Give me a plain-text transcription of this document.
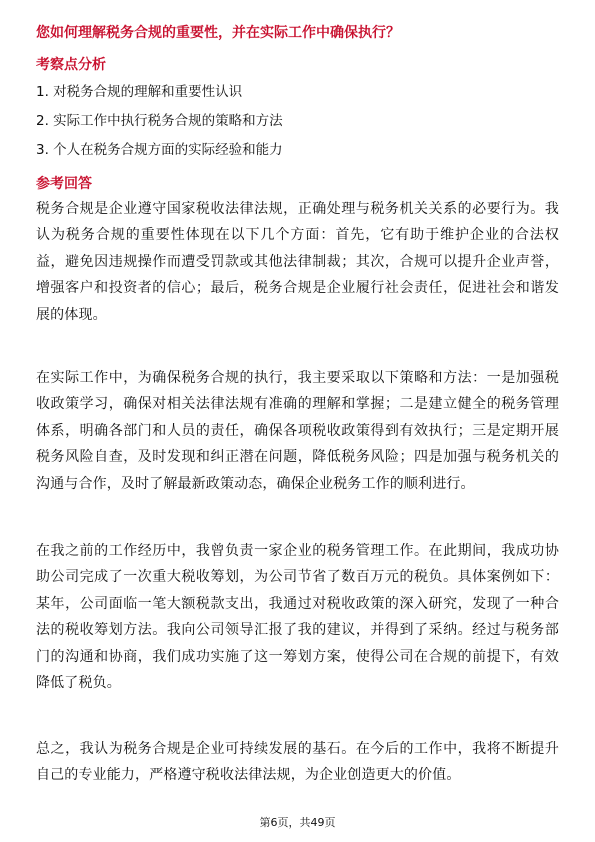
您如何理解税务合规的重要性，并在实际工作中确保执行？
考察点分析
1. 对税务合规的理解和重要性认识
2. 实际工作中执行税务合规的策略和方法
3. 个人在税务合规方面的实际经验和能力
参考回答
税务合规是企业遵守国家税收法律法规，正确处理与税务机关关系的必要行为。我认为税务合规的重要性体现在以下几个方面：首先，它有助于维护企业的合法权益，避免因违规操作而遭受罚款或其他法律制裁；其次，合规可以提升企业声誉，增强客户和投资者的信心；最后，税务合规是企业履行社会责任，促进社会和谐发展的体现。
在实际工作中，为确保税务合规的执行，我主要采取以下策略和方法：一是加强税收政策学习，确保对相关法律法规有准确的理解和掌握；二是建立健全的税务管理体系，明确各部门和人员的责任，确保各项税收政策得到有效执行；三是定期开展税务风险自查，及时发现和纠正潜在问题，降低税务风险；四是加强与税务机关的沟通与合作，及时了解最新政策动态，确保企业税务工作的顺利进行。
在我之前的工作经历中，我曾负责一家企业的税务管理工作。在此期间，我成功协助公司完成了一次重大税收筹划，为公司节省了数百万元的税负。具体案例如下：某年，公司面临一笔大额税款支出，我通过对税收政策的深入研究，发现了一种合法的税收筹划方法。我向公司领导汇报了我的建议，并得到了采纳。经过与税务部门的沟通和协商，我们成功实施了这一筹划方案，使得公司在合规的前提下，有效降低了税负。
总之，我认为税务合规是企业可持续发展的基石。在今后的工作中，我将不断提升自己的专业能力，严格遵守税收法律法规，为企业创造更大的价值。
第6页，共49页
